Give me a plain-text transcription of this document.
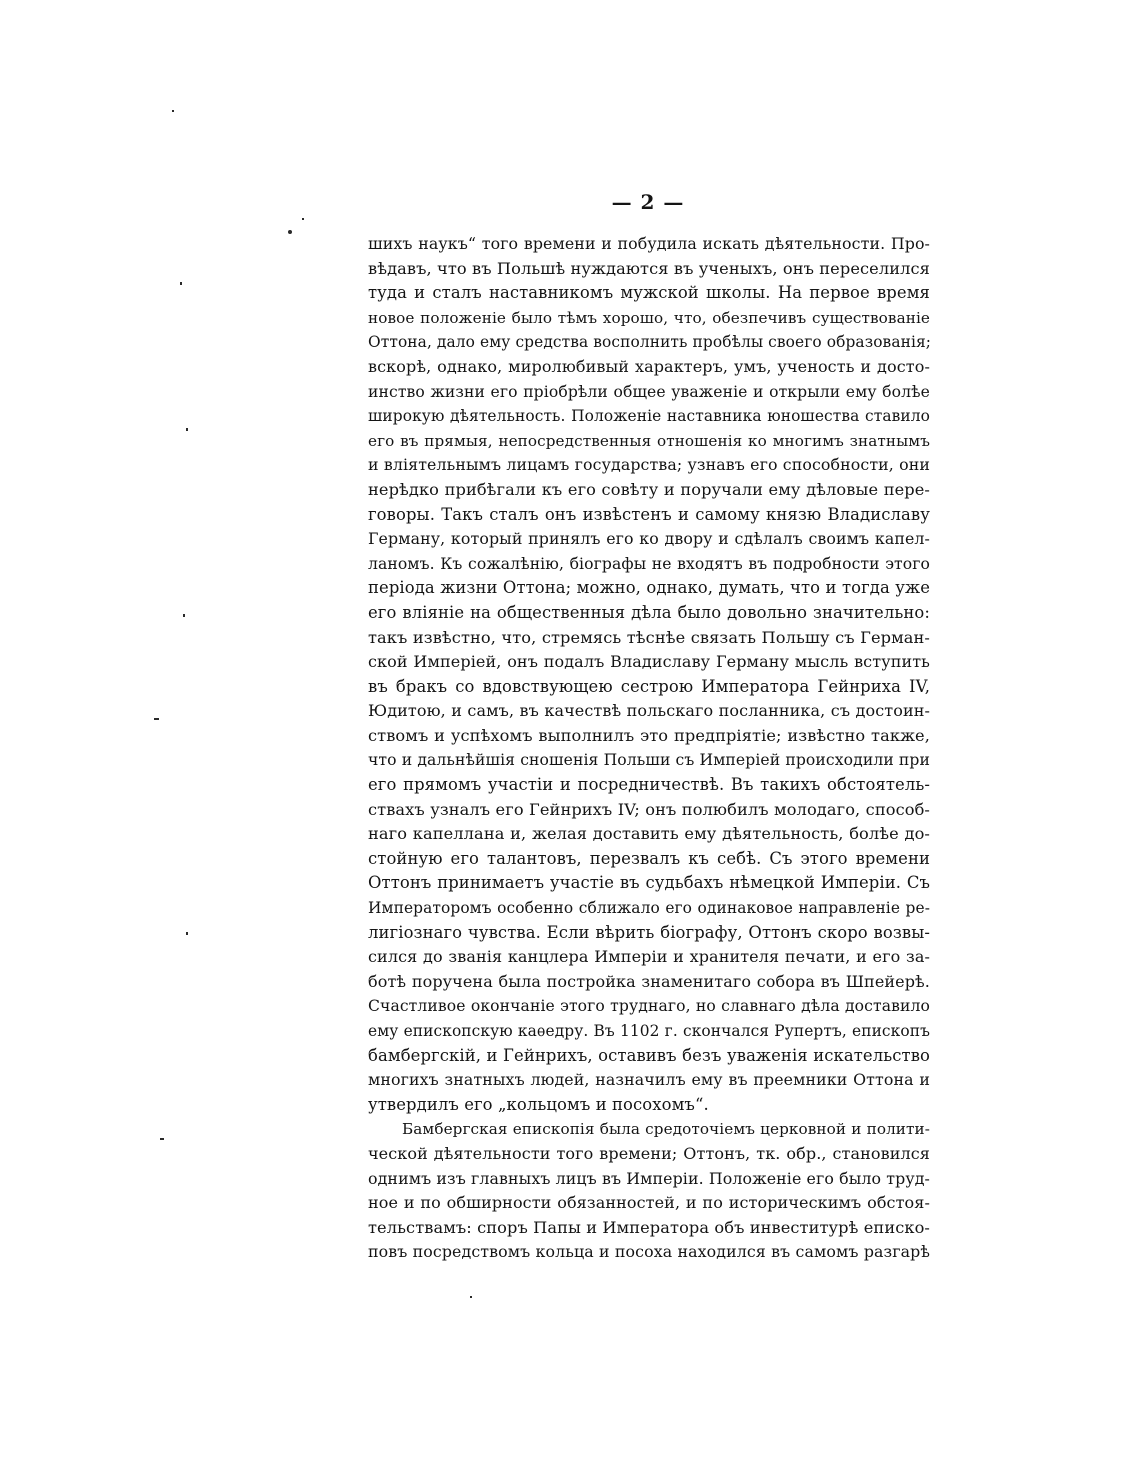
— 2 —
шихъ наукъ“ того времени и побудила искать дѣятельности. Про-
вѣдавъ, что въ Польшѣ нуждаются въ ученыхъ, онъ переселился
туда и сталъ наставникомъ мужской школы. На первое время
новое положенiе было тѣмъ хорошо, что, обезпечивъ существованiе
Оттона, дало ему средства восполнить пробѣлы своего образованiя;
вскорѣ, однако, миролюбивый характеръ, умъ, ученость и досто-
инство жизни его прiобрѣли общее уваженiе и открыли ему болѣе
широкую дѣятельность. Положенiе наставника юношества ставило
его въ прямыя, непосредственныя отношенiя ко многимъ знатнымъ
и влiятельнымъ лицамъ государства; узнавъ его способности, они
нерѣдко прибѣгали къ его совѣту и поручали ему дѣловые пере-
говоры. Такъ сталъ онъ извѣстенъ и самому князю Владиславу
Герману, который принялъ его ко двору и сдѣлалъ своимъ капел-
ланомъ. Къ сожалѣнiю, бiографы не входятъ въ подробности этого
перiода жизни Оттона; можно, однако, думать, что и тогда уже
его влiянiе на общественныя дѣла было довольно значительно:
такъ извѣстно, что, стремясь тѣснѣе связать Польшу съ Герман-
ской Имперiей, онъ подалъ Владиславу Герману мысль вступить
въ бракъ со вдовствующею сестрою Императора Гейнриха IV,
Юдитою, и самъ, въ качествѣ польскаго посланника, съ достоин-
ствомъ и успѣхомъ выполнилъ это предпрiятiе; извѣстно также,
что и дальнѣйшiя сношенiя Польши съ Имперiей происходили при
его прямомъ участiи и посредничествѣ. Въ такихъ обстоятель-
ствахъ узналъ его Гейнрихъ IV; онъ полюбилъ молодаго, способ-
наго капеллана и, желая доставить ему дѣятельность, болѣе до-
стойную его талантовъ, перезвалъ къ себѣ. Съ этого времени
Оттонъ принимаетъ участiе въ судьбахъ нѣмецкой Имперiи. Съ
Императоромъ особенно сближало его одинаковое направленiе ре-
лигiознаго чувства. Если вѣрить бiографу, Оттонъ скоро возвы-
сился до званiя канцлера Имперiи и хранителя печати, и его за-
ботѣ поручена была постройка знаменитаго собора въ Шпейерѣ.
Счастливое окончанiе этого труднаго, но славнаго дѣла доставило
ему епископскую каѳедру. Въ 1102 г. скончался Рупертъ, епископъ
бамбергскiй, и Гейнрихъ, оставивъ безъ уваженiя искательство
многихъ знатныхъ людей, назначилъ ему въ преемники Оттона и
утвердилъ его „кольцомъ и посохомъ“.
Бамбергская епископiя была средоточiемъ церковной и полити-
ческой дѣятельности того времени; Оттонъ, тк. обр., становился
однимъ изъ главныхъ лицъ въ Имперiи. Положенiе его было труд-
ное и по обширности обязанностей, и по историческимъ обстоя-
тельствамъ: споръ Папы и Императора объ инвеститурѣ еписко-
повъ посредствомъ кольца и посоха находился въ самомъ разгарѣ
